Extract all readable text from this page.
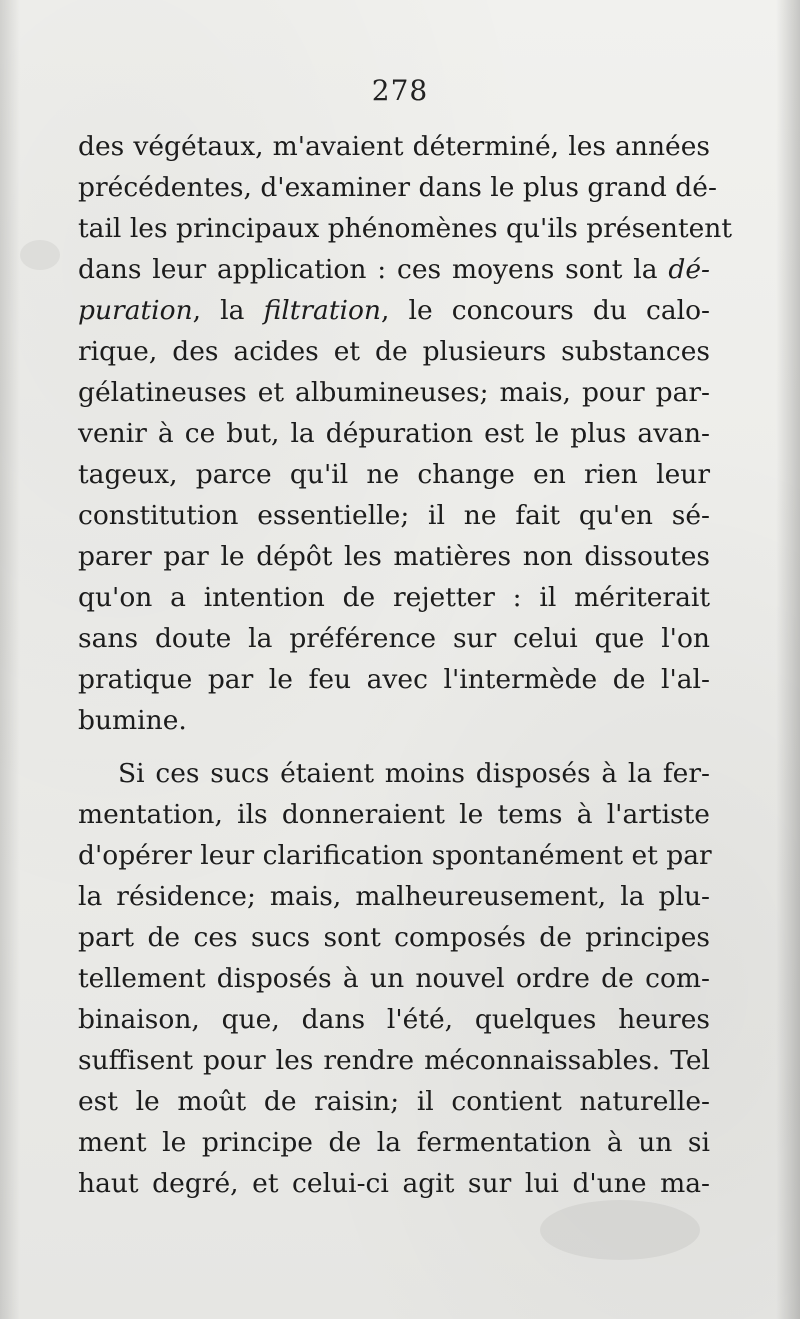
278
des végétaux, m'avaient déterminé, les années
précédentes, d'examiner dans le plus grand dé-
tail les principaux phénomènes qu'ils présentent
dans leur application : ces moyens sont la dé-
puration, la filtration, le concours du calo-
rique, des acides et de plusieurs substances
gélatineuses et albumineuses; mais, pour par-
venir à ce but, la dépuration est le plus avan-
tageux, parce qu'il ne change en rien leur
constitution essentielle; il ne fait qu'en sé-
parer par le dépôt les matières non dissoutes
qu'on a intention de rejetter : il mériterait
sans doute la préférence sur celui que l'on
pratique par le feu avec l'intermède de l'al-
bumine.
Si ces sucs étaient moins disposés à la fer-
mentation, ils donneraient le tems à l'artiste
d'opérer leur clarification spontanément et par
la résidence; mais, malheureusement, la plu-
part de ces sucs sont composés de principes
tellement disposés à un nouvel ordre de com-
binaison, que, dans l'été, quelques heures
suffisent pour les rendre méconnaissables. Tel
est le moût de raisin; il contient naturelle-
ment le principe de la fermentation à un si
haut degré, et celui-ci agit sur lui d'une ma-
